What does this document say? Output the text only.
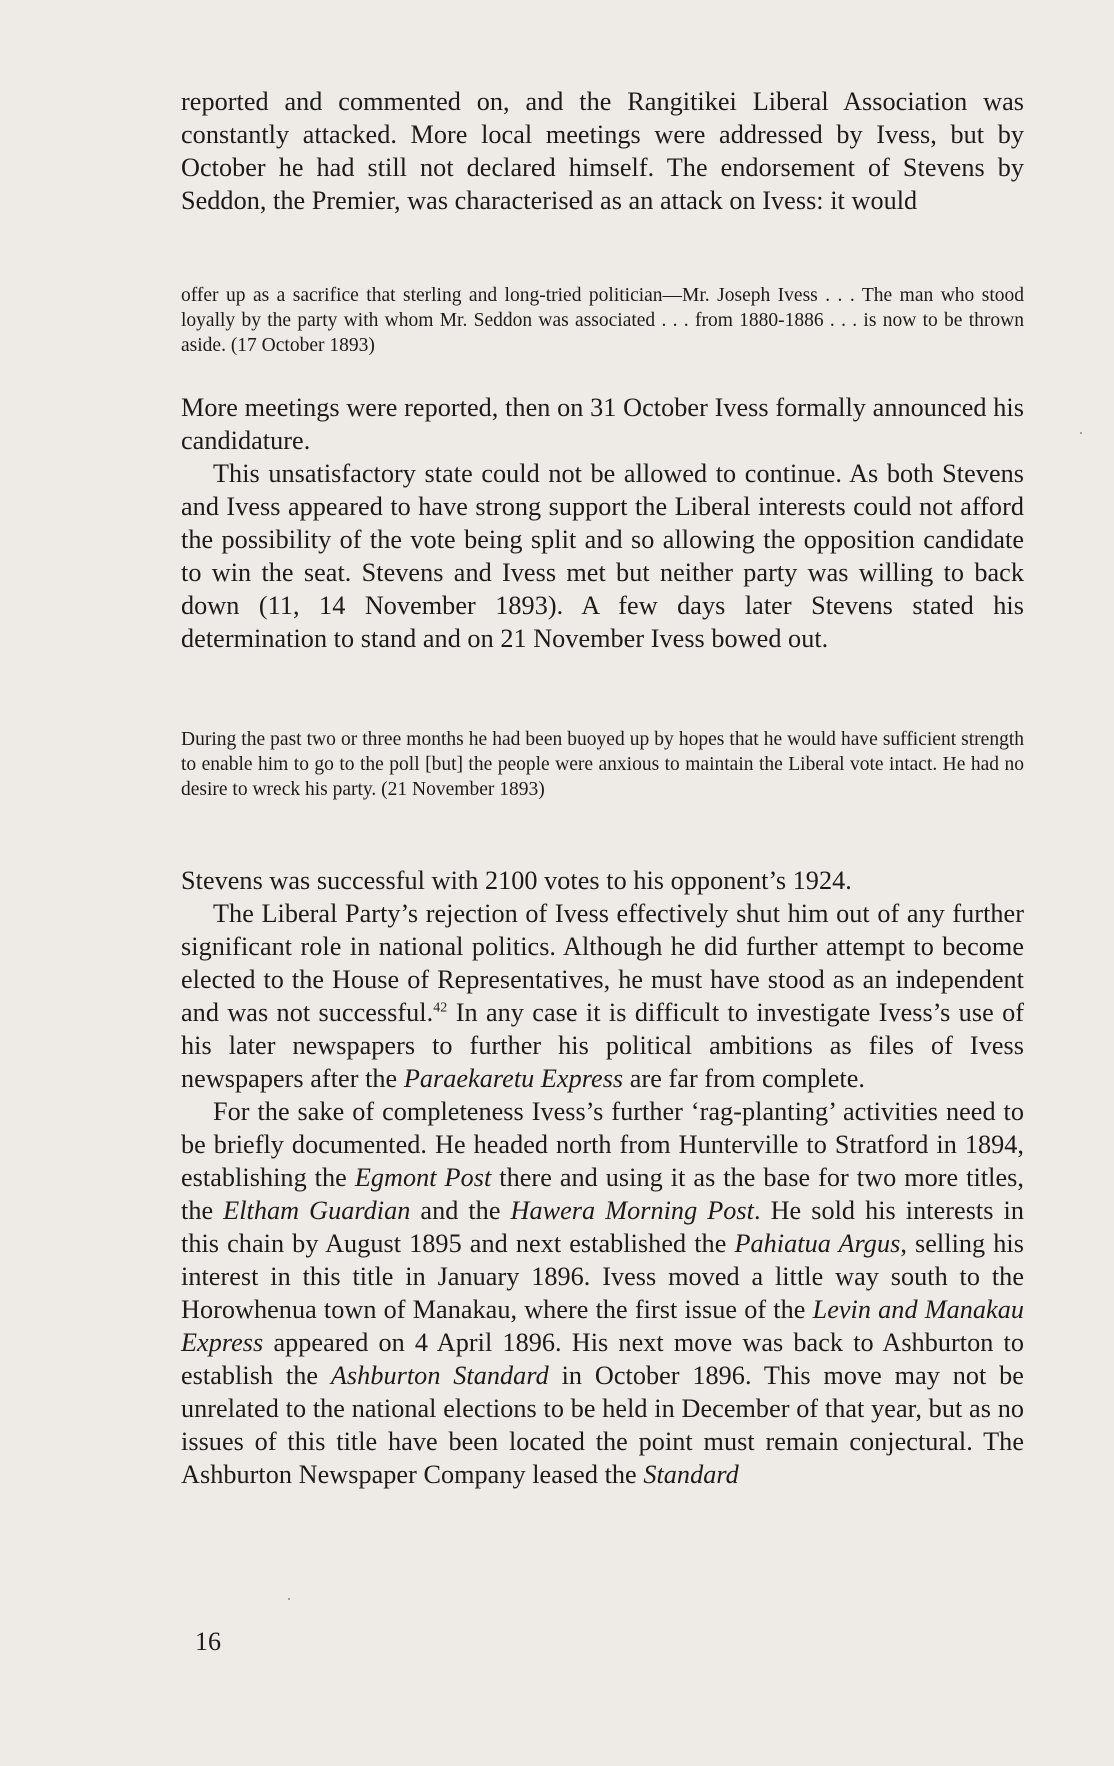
reported and commented on, and the Rangitikei Liberal Association was constantly attacked. More local meetings were addressed by Ivess, but by October he had still not declared himself. The endorsement of Stevens by Seddon, the Premier, was characterised as an attack on Ivess: it would

offer up as a sacrifice that sterling and long-tried politician—Mr. Joseph Ivess . . . The man who stood loyally by the party with whom Mr. Seddon was associated . . . from 1880-1886 . . . is now to be thrown aside. (17 October 1893)

More meetings were reported, then on 31 October Ivess formally announced his candidature.

This unsatisfactory state could not be allowed to continue. As both Stevens and Ivess appeared to have strong support the Liberal interests could not afford the possibility of the vote being split and so allowing the opposition candidate to win the seat. Stevens and Ivess met but neither party was willing to back down (11, 14 November 1893). A few days later Stevens stated his determination to stand and on 21 November Ivess bowed out.

During the past two or three months he had been buoyed up by hopes that he would have sufficient strength to enable him to go to the poll [but] the people were anxious to maintain the Liberal vote intact. He had no desire to wreck his party. (21 November 1893)

Stevens was successful with 2100 votes to his opponent’s 1924.

The Liberal Party’s rejection of Ivess effectively shut him out of any further significant role in national politics. Although he did further attempt to become elected to the House of Representatives, he must have stood as an independent and was not successful.$^{42}$ In any case it is difficult to investigate Ivess’s use of his later newspapers to further his political ambitions as files of Ivess newspapers after the Paraekaretu Express are far from complete.

For the sake of completeness Ivess’s further ‘rag-planting’ activities need to be briefly documented. He headed north from Hunterville to Stratford in 1894, establishing the Egmont Post there and using it as the base for two more titles, the Eltham Guardian and the Hawera Morning Post. He sold his interests in this chain by August 1895 and next established the Pahiatua Argus, selling his interest in this title in January 1896. Ivess moved a little way south to the Horowhenua town of Manakau, where the first issue of the Levin and Manakau Express appeared on 4 April 1896. His next move was back to Ashburton to establish the Ashburton Standard in October 1896. This move may not be unrelated to the national elections to be held in December of that year, but as no issues of this title have been located the point must remain conjectural. The Ashburton Newspaper Company leased the Standard

16
